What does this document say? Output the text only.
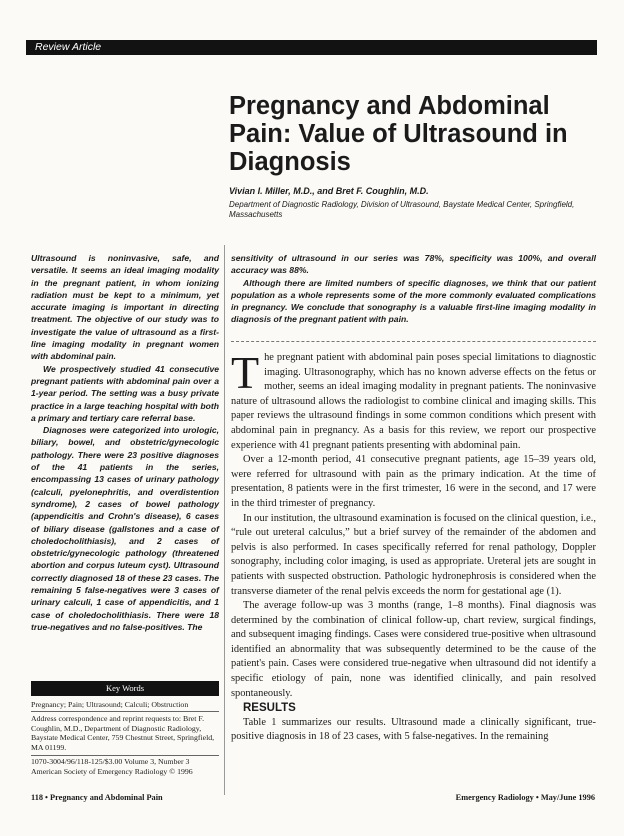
Review Article
Pregnancy and Abdominal Pain: Value of Ultrasound in Diagnosis
Vivian I. Miller, M.D., and Bret F. Coughlin, M.D.
Department of Diagnostic Radiology, Division of Ultrasound, Baystate Medical Center, Springfield, Massachusetts

Ultrasound is noninvasive, safe, and versatile. It seems an ideal imaging modality in the pregnant patient, in whom ionizing radiation must be kept to a minimum, yet accurate imaging is important in directing treatment. The objective of our study was to investigate the value of ultrasound as a first-line imaging modality in pregnant women with abdominal pain.

We prospectively studied 41 consecutive pregnant patients with abdominal pain over a 1-year period. The setting was a busy private practice in a large teaching hospital with both a primary and tertiary care referral base.

Diagnoses were categorized into urologic, biliary, bowel, and obstetric/gynecologic pathology. There were 23 positive diagnoses of the 41 patients in the series, encompassing 13 cases of urinary pathology (calculi, pyelonephritis, and overdistention syndrome), 2 cases of bowel pathology (appendicitis and Crohn's disease), 6 cases of biliary disease (gallstones and a case of choledocholithiasis), and 2 cases of obstetric/gynecologic pathology (threatened abortion and corpus luteum cyst). Ultrasound correctly diagnosed 18 of these 23 cases. The remaining 5 false-negatives were 3 cases of urinary calculi, 1 case of appendicitis, and 1 case of choledocholithiasis. There were 18 true-negatives and no false-positives. The

sensitivity of ultrasound in our series was 78%, specificity was 100%, and overall accuracy was 88%.

Although there are limited numbers of specific diagnoses, we think that our patient population as a whole represents some of the more commonly evaluated complications in pregnancy. We conclude that sonography is a valuable first-line imaging modality in diagnosis of the pregnant patient with pain.

The pregnant patient with abdominal pain poses special limitations to diagnostic imaging. Ultrasonography, which has no known adverse effects on the fetus or mother, seems an ideal imaging modality in pregnant patients. The noninvasive nature of ultrasound allows the radiologist to combine clinical and imaging skills. This paper reviews the ultrasound findings in some common conditions which present with abdominal pain in pregnancy. As a basis for this review, we report our prospective experience with 41 pregnant patients presenting with abdominal pain.

Over a 12-month period, 41 consecutive pregnant patients, age 15–39 years old, were referred for ultrasound with pain as the primary indication. At the time of presentation, 8 patients were in the first trimester, 16 were in the second, and 17 were in the third trimester of pregnancy.

In our institution, the ultrasound examination is focused on the clinical question, i.e., “rule out ureteral calculus,” but a brief survey of the remainder of the abdomen and pelvis is also performed. In cases specifically referred for renal pathology, Doppler sonography, including color imaging, is used as appropriate. Ureteral jets are sought in patients with suspected obstruction. Pathologic hydronephrosis is considered when the transverse diameter of the renal pelvis exceeds the norm for gestational age (1).

The average follow-up was 3 months (range, 1–8 months). Final diagnosis was determined by the combination of clinical follow-up, chart review, surgical findings, and subsequent imaging findings. Cases were considered true-positive when ultrasound identified an abnormality that was subsequently determined to be the cause of the patient's pain. Cases were considered true-negative when ultrasound did not identify a specific etiology of pain, none was identified clinically, and pain resolved spontaneously.

RESULTS

Table 1 summarizes our results. Ultrasound made a clinically significant, true-positive diagnosis in 18 of 23 cases, with 5 false-negatives. In the remaining

Key Words
Pregnancy; Pain; Ultrasound; Calculi; Obstruction
Address correspondence and reprint requests to: Bret F. Coughlin, M.D., Department of Diagnostic Radiology, Baystate Medical Center, 759 Chestnut Street, Springfield, MA 01199.
1070-3004/96/118-125/$3.00 Volume 3, Number 3
American Society of Emergency Radiology © 1996
118 • Pregnancy and Abdominal Pain	Emergency Radiology • May/June 1996
